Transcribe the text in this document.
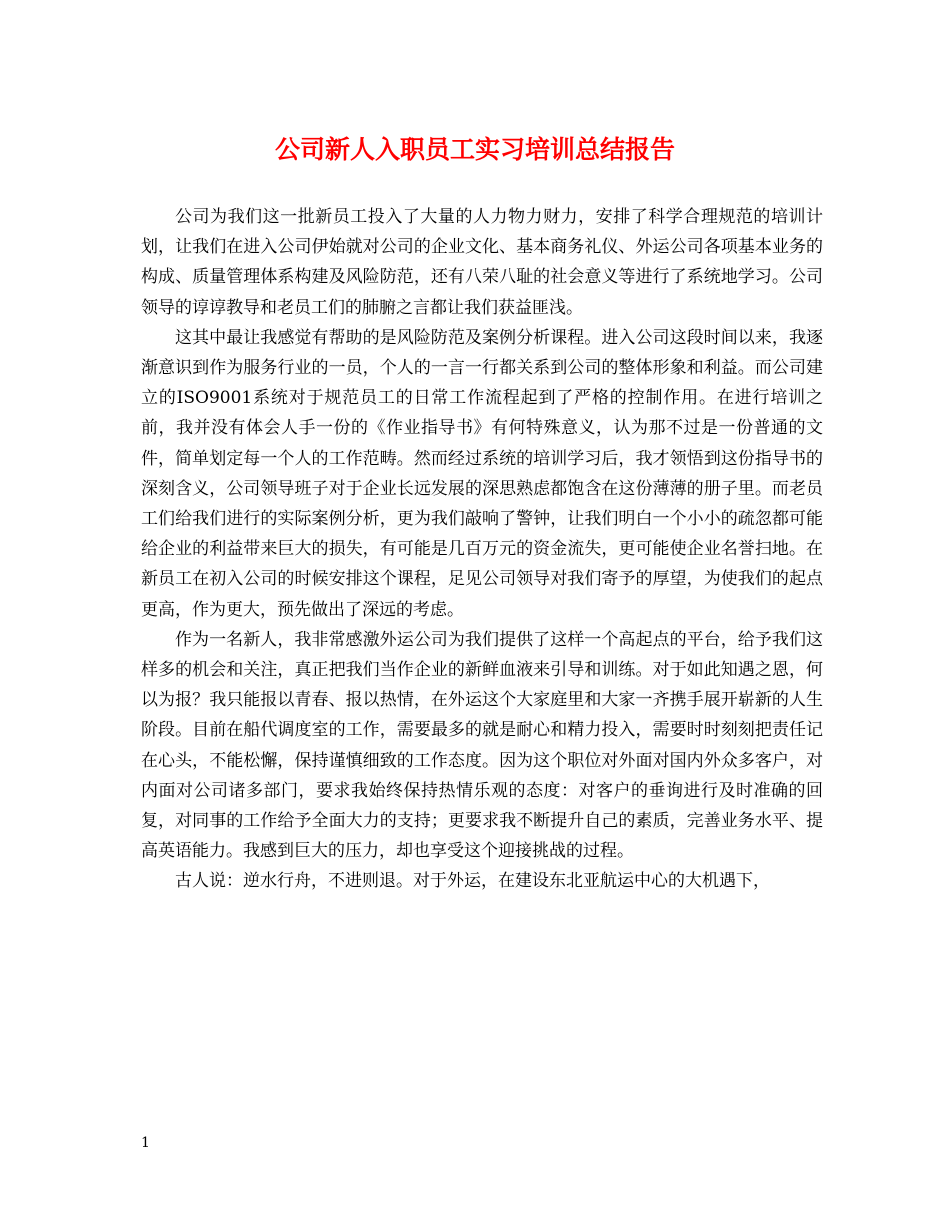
公司新人入职员工实习培训总结报告

公司为我们这一批新员工投入了大量的人力物力财力，安排了科学合理规范的培训计划，让我们在进入公司伊始就对公司的企业文化、基本商务礼仪、外运公司各项基本业务的构成、质量管理体系构建及风险防范，还有八荣八耻的社会意义等进行了系统地学习。公司领导的谆谆教导和老员工们的肺腑之言都让我们获益匪浅。

这其中最让我感觉有帮助的是风险防范及案例分析课程。进入公司这段时间以来，我逐渐意识到作为服务行业的一员，个人的一言一行都关系到公司的整体形象和利益。而公司建立的ISO9001系统对于规范员工的日常工作流程起到了严格的控制作用。在进行培训之前，我并没有体会人手一份的《作业指导书》有何特殊意义，认为那不过是一份普通的文件，简单划定每一个人的工作范畴。然而经过系统的培训学习后，我才领悟到这份指导书的深刻含义，公司领导班子对于企业长远发展的深思熟虑都饱含在这份薄薄的册子里。而老员工们给我们进行的实际案例分析，更为我们敲响了警钟，让我们明白一个小小的疏忽都可能给企业的利益带来巨大的损失，有可能是几百万元的资金流失，更可能使企业名誉扫地。在新员工在初入公司的时候安排这个课程，足见公司领导对我们寄予的厚望，为使我们的起点更高，作为更大，预先做出了深远的考虑。

作为一名新人，我非常感激外运公司为我们提供了这样一个高起点的平台，给予我们这样多的机会和关注，真正把我们当作企业的新鲜血液来引导和训练。对于如此知遇之恩，何以为报？我只能报以青春、报以热情，在外运这个大家庭里和大家一齐携手展开崭新的人生阶段。目前在船代调度室的工作，需要最多的就是耐心和精力投入，需要时时刻刻把责任记在心头，不能松懈，保持谨慎细致的工作态度。因为这个职位对外面对国内外众多客户，对内面对公司诸多部门，要求我始终保持热情乐观的态度：对客户的垂询进行及时准确的回复，对同事的工作给予全面大力的支持；更要求我不断提升自己的素质，完善业务水平、提高英语能力。我感到巨大的压力，却也享受这个迎接挑战的过程。

古人说：逆水行舟，不进则退。对于外运，在建设东北亚航运中心的大机遇下，

1
